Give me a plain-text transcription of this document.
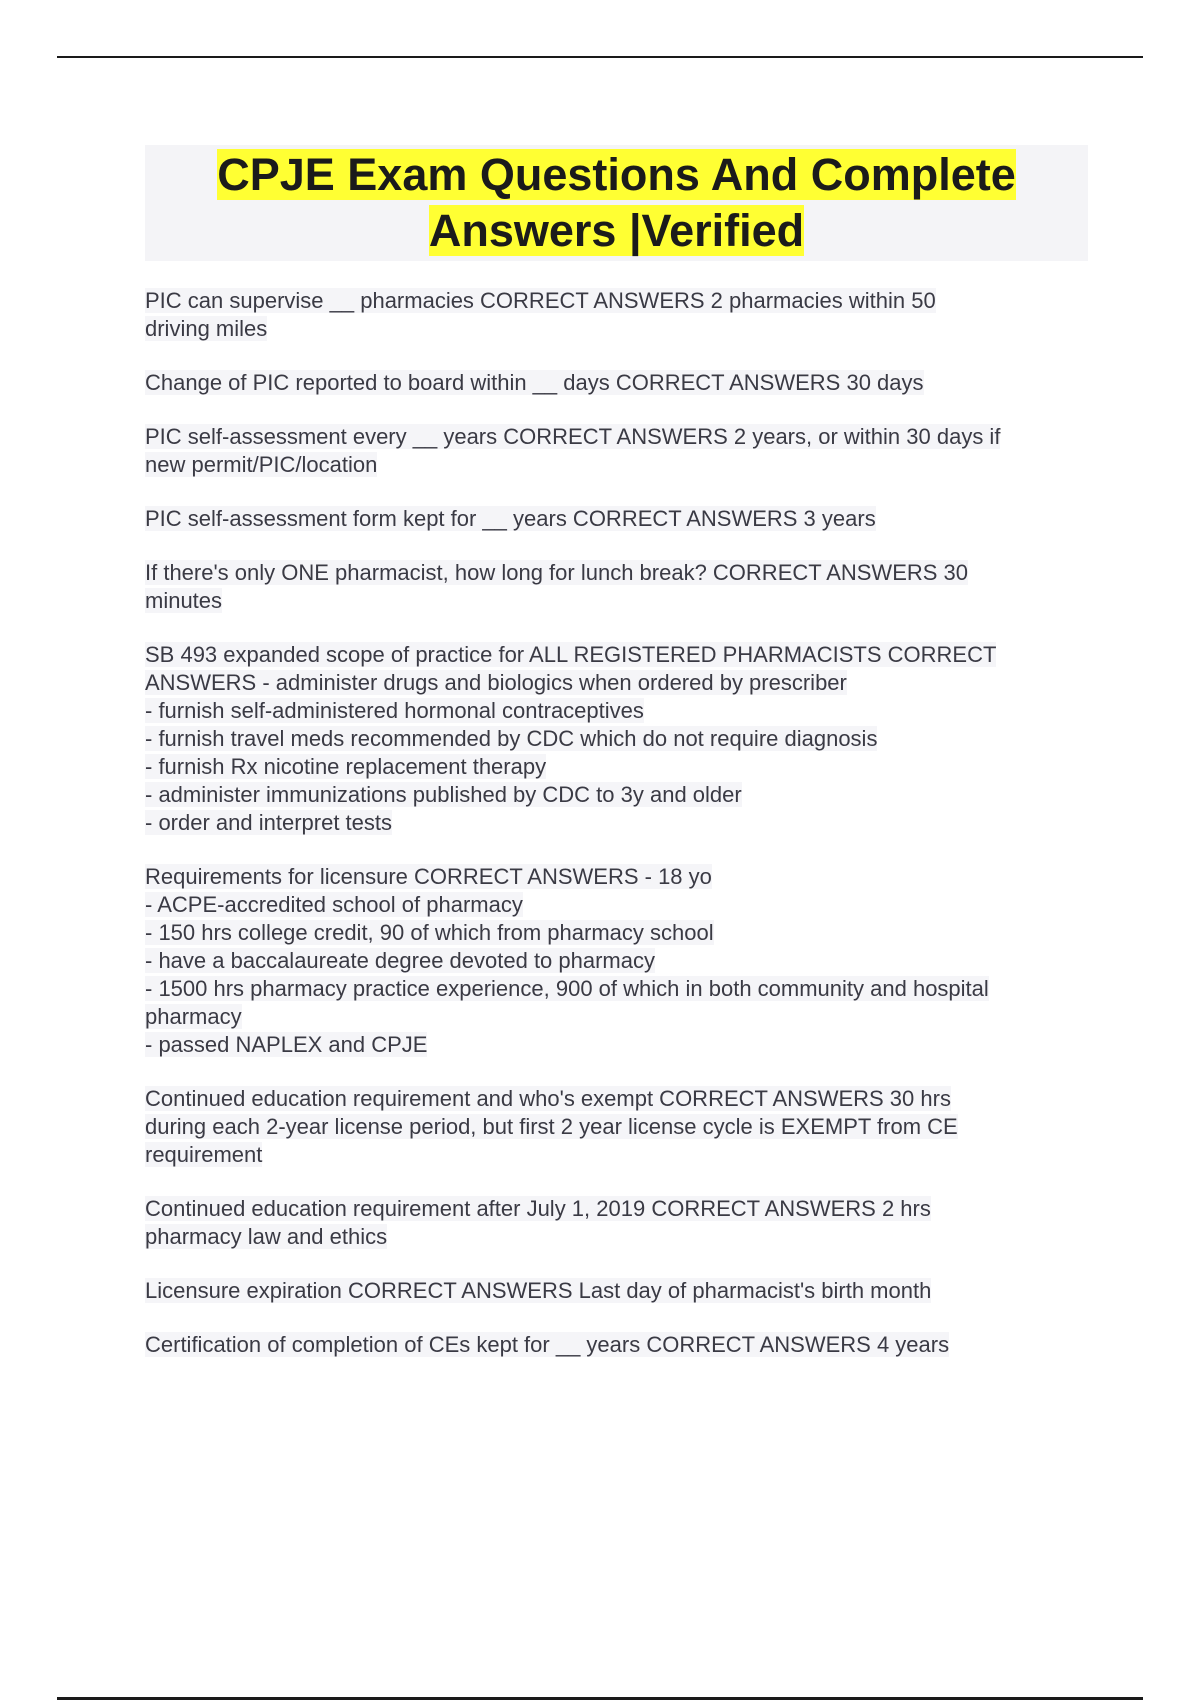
CPJE Exam Questions And Complete
Answers |Verified
PIC can supervise __ pharmacies CORRECT ANSWERS 2 pharmacies within 50
driving miles
Change of PIC reported to board within __ days CORRECT ANSWERS 30 days
PIC self-assessment every __ years CORRECT ANSWERS 2 years, or within 30 days if
new permit/PIC/location
PIC self-assessment form kept for __ years CORRECT ANSWERS 3 years
If there's only ONE pharmacist, how long for lunch break? CORRECT ANSWERS 30
minutes
SB 493 expanded scope of practice for ALL REGISTERED PHARMACISTS CORRECT
ANSWERS - administer drugs and biologics when ordered by prescriber
- furnish self-administered hormonal contraceptives
- furnish travel meds recommended by CDC which do not require diagnosis
- furnish Rx nicotine replacement therapy
- administer immunizations published by CDC to 3y and older
- order and interpret tests
Requirements for licensure CORRECT ANSWERS - 18 yo
- ACPE-accredited school of pharmacy
- 150 hrs college credit, 90 of which from pharmacy school
- have a baccalaureate degree devoted to pharmacy
- 1500 hrs pharmacy practice experience, 900 of which in both community and hospital
pharmacy
- passed NAPLEX and CPJE
Continued education requirement and who's exempt CORRECT ANSWERS 30 hrs
during each 2-year license period, but first 2 year license cycle is EXEMPT from CE
requirement
Continued education requirement after July 1, 2019 CORRECT ANSWERS 2 hrs
pharmacy law and ethics
Licensure expiration CORRECT ANSWERS Last day of pharmacist's birth month
Certification of completion of CEs kept for __ years CORRECT ANSWERS 4 years
